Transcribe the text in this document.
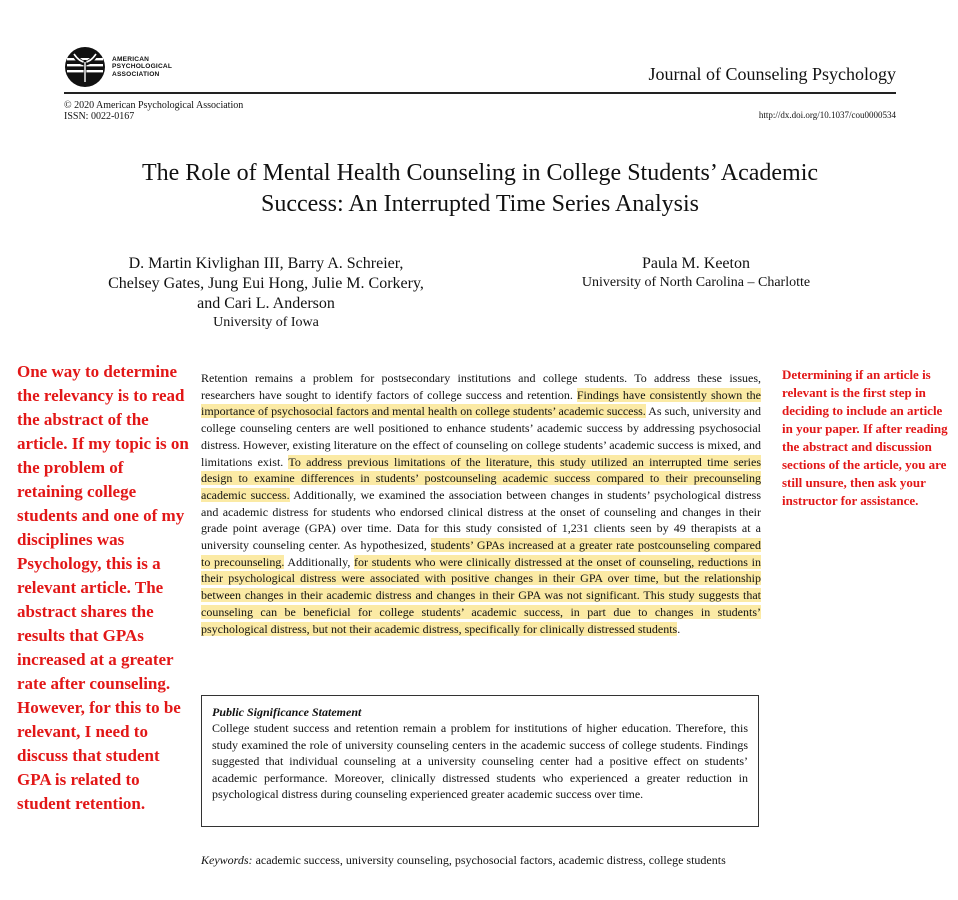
AMERICAN
PSYCHOLOGICAL
ASSOCIATION	Journal of Counseling Psychology
© 2020 American Psychological Association
ISSN: 0022-0167	http://dx.doi.org/10.1037/cou0000534
The Role of Mental Health Counseling in College Students’ Academic
Success: An Interrupted Time Series Analysis
D. Martin Kivlighan III, Barry A. Schreier,
Chelsey Gates, Jung Eui Hong, Julie M. Corkery,
and Cari L. Anderson
University of Iowa
Paula M. Keeton
University of North Carolina – Charlotte
One way to determine the relevancy is to read the abstract of the article. If my topic is on the problem of retaining college students and one of my disciplines was Psychology, this is a relevant article. The abstract shares the results that GPAs increased at a greater rate after counseling. However, for this to be relevant, I need to discuss that student GPA is related to student retention.
Determining if an article is relevant is the first step in deciding to include an article in your paper. If after reading the abstract and discussion sections of the article, you are still unsure, then ask your instructor for assistance.
Retention remains a problem for postsecondary institutions and college students. To address these issues, researchers have sought to identify factors of college success and retention. Findings have consistently shown the importance of psychosocial factors and mental health on college students’ academic success. As such, university and college counseling centers are well positioned to enhance students’ academic success by addressing psychosocial distress. However, existing literature on the effect of counseling on college students’ academic success is mixed, and limitations exist. To address previous limitations of the literature, this study utilized an interrupted time series design to examine differences in students’ postcounseling academic success compared to their precounseling academic success. Additionally, we examined the association between changes in students’ psychological distress and academic distress for students who endorsed clinical distress at the onset of counseling and changes in their grade point average (GPA) over time. Data for this study consisted of 1,231 clients seen by 49 therapists at a university counseling center. As hypothesized, students’ GPAs increased at a greater rate postcounseling compared to precounseling. Additionally, for students who were clinically distressed at the onset of counseling, reductions in their psychological distress were associated with positive changes in their GPA over time, but the relationship between changes in their academic distress and changes in their GPA was not significant. This study suggests that counseling can be beneficial for college students’ academic success, in part due to changes in students’ psychological distress, but not their academic distress, specifically for clinically distressed students.
Public Significance Statement
College student success and retention remain a problem for institutions of higher education. Therefore, this study examined the role of university counseling centers in the academic success of college students. Findings suggested that individual counseling at a university counseling center had a positive effect on students’ academic performance. Moreover, clinically distressed students who experienced a greater reduction in psychological distress during counseling experienced greater academic success over time.
Keywords: academic success, university counseling, psychosocial factors, academic distress, college students
